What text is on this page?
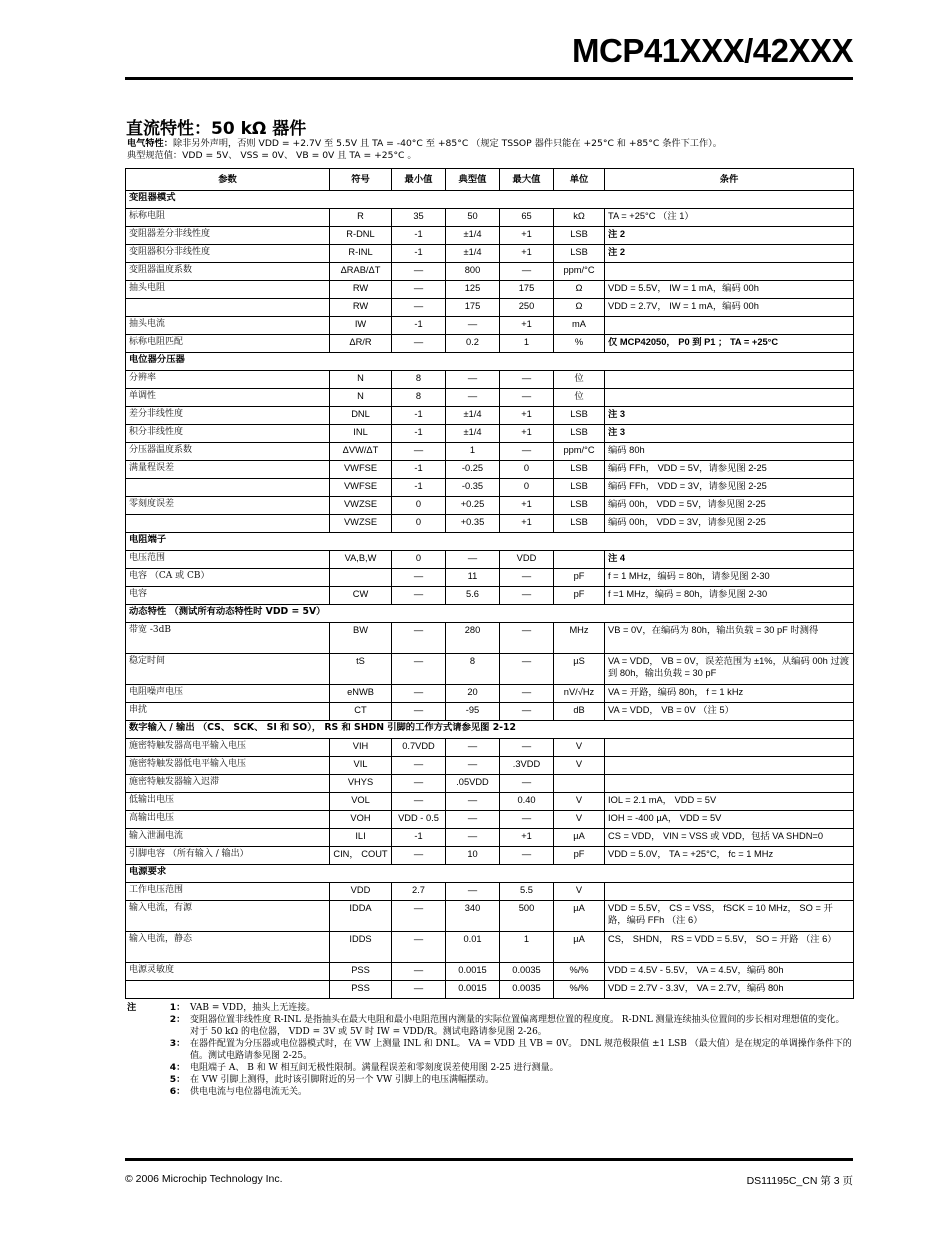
MCP41XXX/42XXX
直流特性：50 kΩ 器件
电气特性：除非另外声明，否则 VDD = +2.7V 至 5.5V 且 TA = -40°C 至 +85°C （规定 TSSOP 器件只能在 +25°C 和 +85°C 条件下工作）。
典型规范值：VDD = 5V、 VSS = 0V、 VB = 0V 且 TA = +25°C 。
参数	符号	最小值	典型值	最大值	单位	条件
变阻器模式						
标称电阻	R	35	50	65	kΩ	TA = +25°C （注 1）
变阻器差分非线性度	R-DNL	-1	±1/4	+1	LSB	注 2
变阻器积分非线性度	R-INL	-1	±1/4	+1	LSB	注 2
变阻器温度系数	ΔRAB/ΔT	—	800	—	ppm/°C	
抽头电阻	RW	—	125	175	Ω	VDD = 5.5V， IW = 1 mA，编码 00h
	RW	—	175	250	Ω	VDD = 2.7V， IW = 1 mA，编码 00h
抽头电流	IW	-1	—	+1	mA	
标称电阻匹配	ΔR/R	—	0.2	1	%	仅 MCP42050， P0 到 P1 ； TA = +25°C
电位器分压器						
分辨率	N	8	—	—	位	
单调性	N	8	—	—	位	
差分非线性度	DNL	-1	±1/4	+1	LSB	注 3
积分非线性度	INL	-1	±1/4	+1	LSB	注 3
分压器温度系数	ΔVW/ΔT	—	1	—	ppm/°C	编码 80h
满量程误差	VWFSE	-1	-0.25	0	LSB	编码 FFh， VDD = 5V，请参见图 2-25
	VWFSE	-1	-0.35	0	LSB	编码 FFh， VDD = 3V，请参见图 2-25
零刻度误差	VWZSE	0	+0.25	+1	LSB	编码 00h， VDD = 5V，请参见图 2-25
	VWZSE	0	+0.35	+1	LSB	编码 00h， VDD = 3V，请参见图 2-25
电阻端子						
电压范围	VA,B,W	0	—	VDD		注 4
电容 （CA 或 CB）		—	11	—	pF	f = 1 MHz，编码 = 80h，请参见图 2-30
电容	CW	—	5.6	—	pF	f =1 MHz，编码 = 80h，请参见图 2-30
动态特性 （测试所有动态特性时 VDD = 5V）						
带宽 -3dB	BW	—	280	—	MHz	VB = 0V，在编码为 80h，输出负载 = 30 pF 时测得
稳定时间	tS	—	8	—	µS	VA = VDD， VB = 0V，误差范围为 ±1%，从编码 00h 过渡到 80h，输出负载 = 30 pF
电阻噪声电压	eNWB	—	20	—	nV/√Hz	VA = 开路，编码 80h， f = 1 kHz
串扰	CT	—	-95	—	dB	VA = VDD， VB = 0V （注 5）
数字输入 / 输出 （CS、 SCK、 SI 和 SO）， RS 和 SHDN 引脚的工作方式请参见图 2-12						
施密特触发器高电平输入电压	VIH	0.7VDD	—	—	V	
施密特触发器低电平输入电压	VIL	—	—	.3VDD	V	
施密特触发器输入迟滞	VHYS	—	.05VDD	—		
低输出电压	VOL	—	—	0.40	V	IOL = 2.1 mA， VDD = 5V
高输出电压	VOH	VDD - 0.5	—	—	V	IOH = -400 µA， VDD = 5V
输入泄漏电流	ILI	-1	—	+1	µA	CS = VDD， VIN = VSS 或 VDD，包括 VA SHDN=0
引脚电容 （所有输入 / 输出）	CIN， COUT	—	10	—	pF	VDD = 5.0V， TA = +25°C， fc = 1 MHz
电源要求						
工作电压范围	VDD	2.7	—	5.5	V	
输入电流，有源	IDDA	—	340	500	µA	VDD = 5.5V， CS = VSS， fSCK = 10 MHz， SO = 开路，编码 FFh （注 6）
输入电流，静态	IDDS	—	0.01	1	µA	CS， SHDN， RS = VDD = 5.5V， SO = 开路 （注 6）
电源灵敏度	PSS	—	0.0015	0.0035	%/%	VDD = 4.5V - 5.5V， VA = 4.5V，编码 80h
	PSS	—	0.0015	0.0035	%/%	VDD = 2.7V - 3.3V， VA = 2.7V，编码 80h
注	1： VAB = VDD，抽头上无连接。
2： 变阻器位置非线性度 R-INL 是指抽头在最大电阻和最小电阻范围内测量的实际位置偏离理想位置的程度度。 R-DNL 测量连续抽头位置间的步长相对理想值的变化。对于 50 kΩ 的电位器， VDD = 3V 或 5V 时 IW = VDD/R。测试电路请参见图 2-26。
3： 在器件配置为分压器或电位器模式时，在 VW 上测量 INL 和 DNL。 VA = VDD 且 VB = 0V。 DNL 规范极限值 ±1 LSB （最大值）是在规定的单调操作条件下的值。测试电路请参见图 2-25。
4： 电阻端子 A、 B 和 W 相互间无极性限制。满量程误差和零刻度误差使用图 2-25 进行测量。
5： 在 VW 引脚上测得，此时该引脚附近的另一个 VW 引脚上的电压满幅摆动。
6： 供电电流与电位器电流无关。
© 2006 Microchip Technology Inc.	DS11195C_CN 第 3 页
